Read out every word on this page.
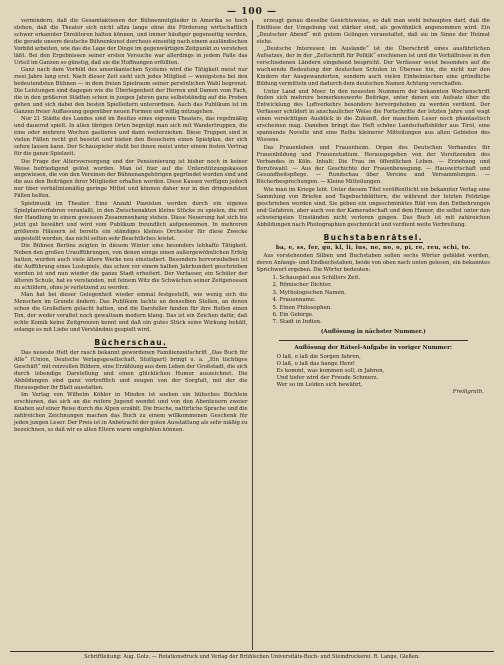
— 100 —

vermindern, daß die Gesamtaktionen der Bühnenmitglieder in Amerika so hoch stehen, daß die Theater sich nicht allzu lange ohne die Förderung wirtschaftlich schwer erkannter Direktoren halten können, und immer häufiger gegenseitig werden, die gerade unsere deutsche Bühnenkunst durchaus einseitig nach einem ausländischen Vorbild arbeiten, wie das die Lage der Dinge im gegenwärtigen Zeitpunkt zu verstehen läßt. Bei den Ergebnissen seiner ersten Versuche war allerdings in jedem Falle das Urteil im Ganzen so günstig, daß sie die Hoffnungen erfüllten.

Ganz nach dem Vorbild des amerikanischen Systems wird die Tätigkeit meist nur zwei Jahre lang erst. Nach dieser Zeit sieht sich jedes Mitglied — wenigstens bei den bedeutendsten Bühnen — in dem freien Spielraum seiner persönlichen Wahl begrenzt. Die Leistungen sind dagegen wie die Überlegenheit der Herren und Damen vom Fach, die in den größeren Städten schon in jungen Jahren ganz selbstständig auf die Proben gehen und sich dabei den besten Spielleitern unterordnen. Auch das Publikum ist im Ganzen freier Auffassung gegenüber neuen Formen und willig mitzugehen.

Nur 21 Städte des Landes sind im Besitze eines eigenen Theaters, das regelmäßig und dauernd spielt. In allen übrigen Orten begnügt man sich mit Wandertruppen, die eine oder mehrere Wochen gastieren und dann weiterziehen. Diese Truppen sind in vielen Fällen recht gut besetzt und bieten den Besuchern einen Spielplan, der sich sehen lassen kann. Der Schauspieler steht bei ihnen meist unter einem festen Vertrag für die ganze Spielzeit.

Die Frage der Altersversorgung und der Pensionierung ist bisher noch in keiner Weise befriedigend gelöst worden. Man ist hier auf die Unterstützungskassen angewiesen, die von den Vereinen der Bühnenangehörigen gegründet worden sind und die aus den Beiträgen ihrer Mitglieder erhalten werden. Diese Kassen verfügen jedoch nur über verhältnismäßig geringe Mittel und können daher nur in den dringendsten Fällen helfen.

Spielmusik im Theater. Eine Anzahl Pianisten werden durch ein eigenes Spielplanverfahren veranlaßt, in den Zwischenakten kleine Stücke zu spielen, die mit der Handlung in einem gewissen Zusammenhang stehen. Diese Neuerung hat sich bis jetzt gut bewährt und wird vom Publikum freundlich aufgenommen. In mehreren größeren Häusern ist bereits ein ständiges kleines Orchester für diese Zwecke angestellt worden, das nicht selten sehr Beachtliches leistet.

Die Bühnen Berlins zeigten in diesem Winter eine besonders lebhafte Tätigkeit. Neben den großen Uraufführungen, von denen einige einen außergewöhnlichen Erfolg hatten, wurden auch viele ältere Werke neu einstudiert. Besonders hervorzuheben ist die Aufführung eines Lustspiels, das schon vor einem halben Jahrhundert geschrieben worden ist und nun wieder die ganze Stadt erheitert. Der Verfasser, ein Schüler der älteren Schule, hat es verstanden, mit feinem Witz die Schwächen seiner Zeitgenossen zu schildern, ohne je verletzend zu werden.

Man hat bei dieser Gelegenheit wieder einmal festgestellt, wie wenig sich die Menschen im Grunde ändern. Das Publikum lachte an denselben Stellen, an denen schon die Großeltern gelacht hatten, und die Darsteller fanden für ihre Rollen einen Ton, der weder veraltet noch gewaltsam modern klang. Das ist ein Zeichen dafür, daß echte Komik keine Zeitgrenzen kennt und daß ein gutes Stück seine Wirkung behält, solange es mit Liebe und Verständnis gespielt wird.

Bücherschau.

Das neueste Heft der rasch bekannt gewordenen Familienzeitschrift „Das Buch für Alle“ (Union, Deutsche Verlagsgesellschaft, Stuttgart) bringt u. a. „Ein tüchtiges Geschäft“ mit reizvollen Bildern, eine Erzählung aus dem Leben der Großstadt, die sich durch lebendige Darstellung und einen glücklichen Humor auszeichnet. Die Abbildungen sind ganz vortrefflich und zeugen von der Sorgfalt, mit der die Herausgeber ihr Blatt ausstatten.

Im Verlag von Wilhelm Köhler in Minden ist soeben ein hübsches Büchlein erschienen, das sich an die reifere Jugend wendet und von den Abenteuern zweier Knaben auf einer Reise durch die Alpen erzählt. Die frische, natürliche Sprache und die zahlreichen Zeichnungen machen das Buch zu einem willkommenen Geschenk für jeden jungen Leser. Der Preis ist in Anbetracht der guten Ausstattung als sehr mäßig zu bezeichnen, so daß wir es allen Eltern warm empfehlen können.

erzeugt genau dieselbe Gesichtsweise, so daß man wohl behaupten darf, daß die Einflüsse der Umgebung viel stärker sind, als gewöhnlich angenommen wird. Ein „Deutscher Abend“ mit gutem Gelingen veranstaltet, daß sie im Sinne der Heimat stehe.

„Deutsche Interessen im Auslande“ ist die Überschrift eines ausführlichen Aufsatzes, der in der „Zeitschrift für Politik“ erschienen ist und die Verhältnisse in den verschiedenen Ländern eingehend bespricht. Der Verfasser weist besonders auf die wachsende Bedeutung der deutschen Schulen in Übersee hin, die nicht nur den Kindern der Ausgewanderten, sondern auch vielen Einheimischen eine gründliche Bildung vermitteln und dadurch dem deutschen Namen Achtung verschaffen.

Unter Land und Meer. In den neuesten Nummern der bekannten Wochenschrift finden sich mehrere bemerkenswerte Beiträge, unter denen ein Aufsatz über die Entwicklung des Luftverkehrs besonders hervorgehoben zu werden verdient. Der Verfasser schildert in anschaulicher Weise die Fortschritte der letzten Jahre und wagt einen vorsichtigen Ausblick in die Zukunft, der manchem Leser noch phantastisch erscheinen mag. Daneben bringt das Heft schöne Landschaftsbilder aus Tirol, eine spannende Novelle und eine Reihe kleinerer Mitteilungen aus allen Gebieten des Wissens.

Das Frauenleben und Frauenheim. Organ des Deutschen Verbandes für Frauenbildung und Frauenstudium. Herausgegeben von der Vorsitzenden des Verbandes in Köln. Inhalt: Die Frau im öffentlichen Leben. — Erziehung und Berufswahl. — Aus der Geschichte der Frauenbewegung. — Hauswirtschaft und Gesundheitspflege. — Rundschau über Vereine und Versammlungen. — Bücherbesprechungen. — Kleine Mitteilungen.

Wie man im Kriege lebt. Unter diesem Titel veröffentlicht ein bekannter Verlag eine Sammlung von Briefen und Tagebuchblättern, die während der letzten Feldzüge geschrieben worden sind. Sie geben ein ungeschminktes Bild von den Entbehrungen und Gefahren, aber auch von der Kameradschaft und dem Humor, die selbst unter den schwierigsten Umständen nicht verloren gingen. Das Buch ist mit zahlreichen Abbildungen nach Photographien geschmückt und verdient weite Verbreitung.

Buchstabenrätsel.
ba, e, ss, fer, gu, kl, li, lus, ne, no, o, pi, re, reu, schi, to.

Aus vorstehenden Silben und Buchstaben sollen sechs Wörter gebildet werden, deren Anfangs- und Endbuchstaben, beide von oben nach unten gelesen, ein bekanntes Sprichwort ergeben. Die Wörter bedeuten:

1. Schauspiel aus Schillers Zeit.
2. Römischer Dichter.
3. Mythologischen Namen.
4. Frauenname.
5. Einen Philosophen.
6. Ein Gebirge.
7. Stadt in Indien.
(Auflösung in nächster Nummer.)
Auflösung der Rätsel-Aufgabe in voriger Nummer:
O laß, o laß die Sorgen fahren,
O laß, o laß das bange Herz!
Es kommt, was kommen soll, in Jahren,
Und tiefer wird der Freude Schmerz.
Wer so im Leiden sich bewährt,
Freiligrath.
Schriftleitung: Aug. Gotz. — Rotationsdruck und Verlag der Brühlschen Universitäts-Buch- und Steindruckerei. R. Lange, Gießen.
